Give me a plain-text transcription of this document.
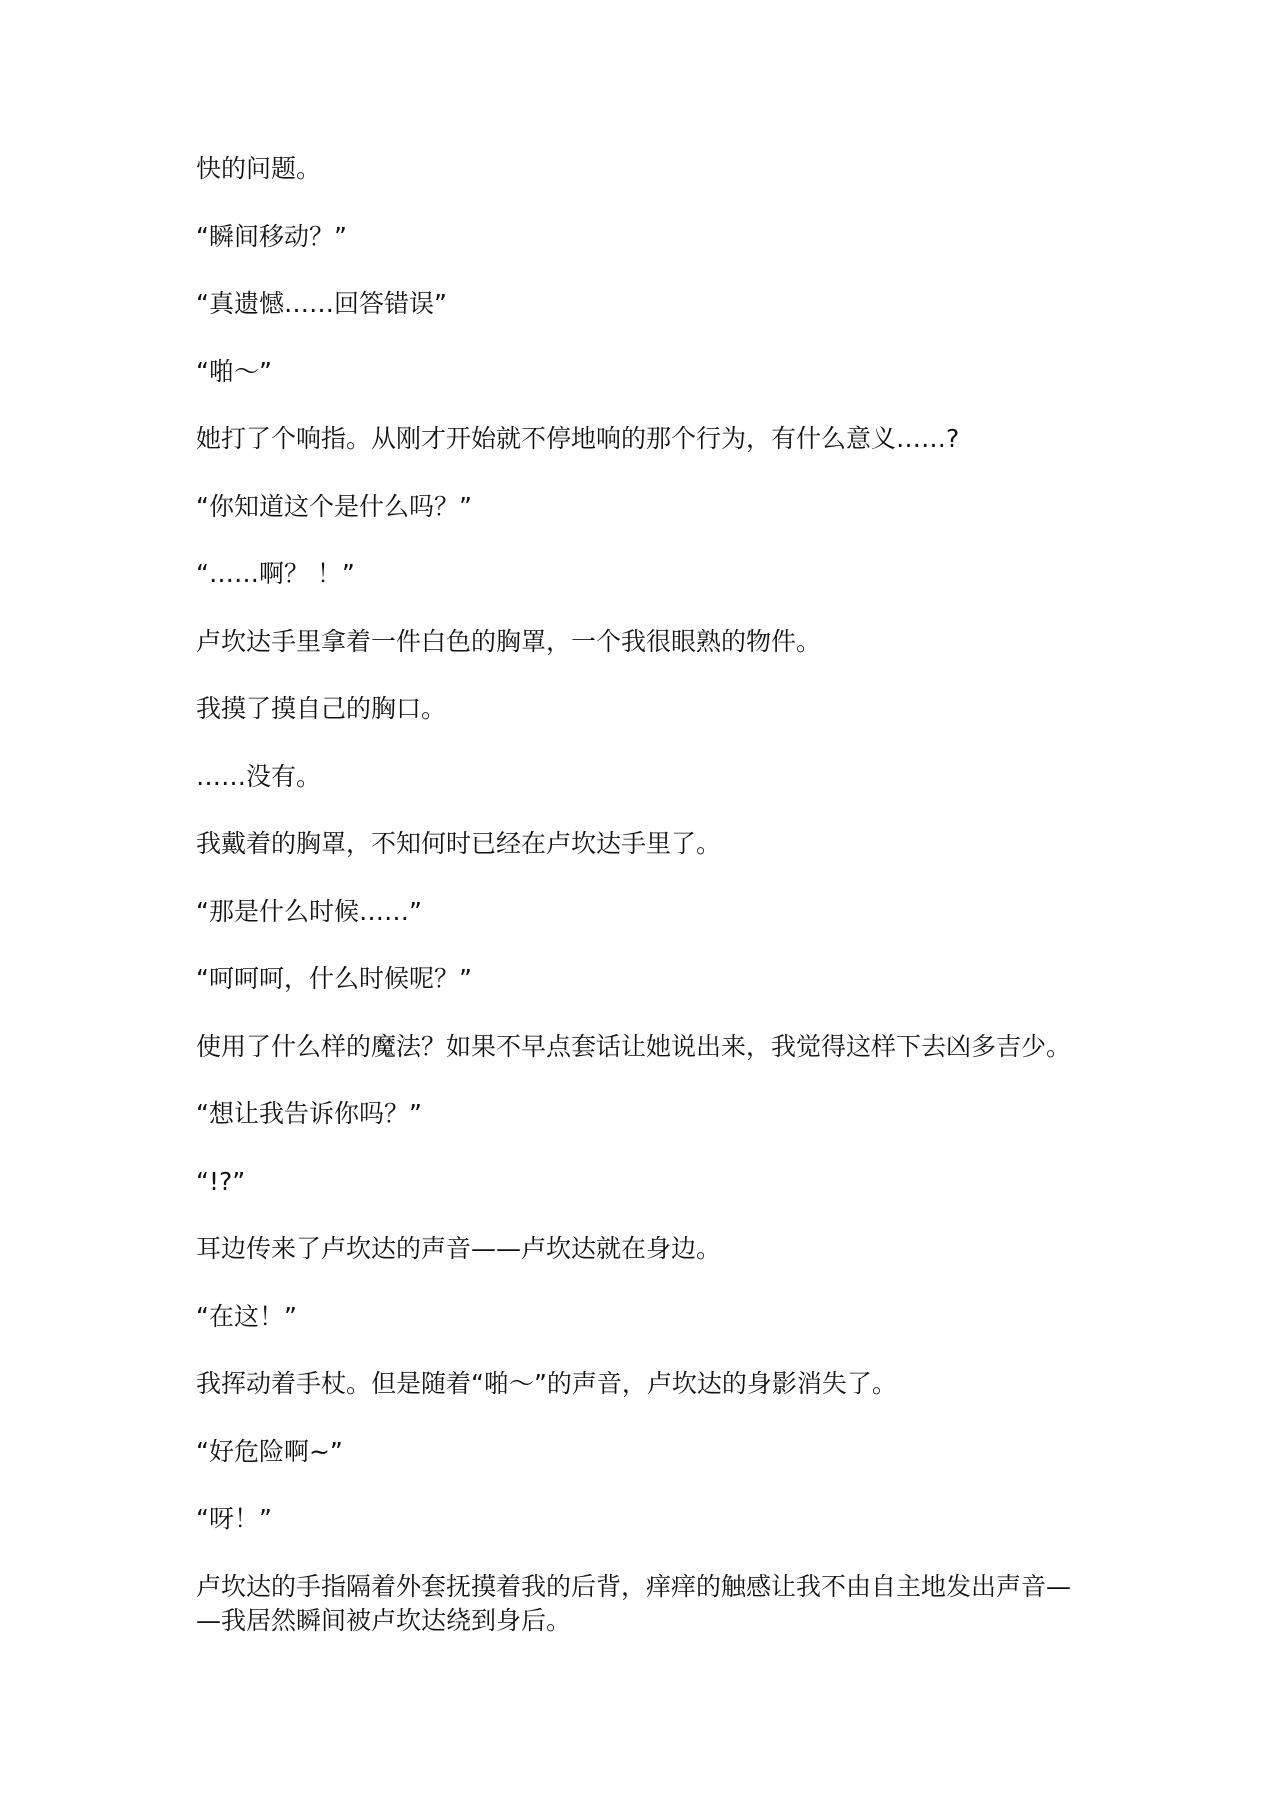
快的问题。

“瞬间移动？”

“真遗憾……回答错误”

“啪～”

她打了个响指。从刚才开始就不停地响的那个行为，有什么意义……?

“你知道这个是什么吗？”

“……啊？ ！”

卢坎达手里拿着一件白色的胸罩，一个我很眼熟的物件。

我摸了摸自己的胸口。

……没有。

我戴着的胸罩，不知何时已经在卢坎达手里了。

“那是什么时候……”

“呵呵呵，什么时候呢？”

使用了什么样的魔法？如果不早点套话让她说出来，我觉得这样下去凶多吉少。

“想让我告诉你吗？”

“!?”

耳边传来了卢坎达的声音——卢坎达就在身边。

“在这！”

我挥动着手杖。但是随着“啪～”的声音，卢坎达的身影消失了。

“好危险啊~”

“呀！”

卢坎达的手指隔着外套抚摸着我的后背，痒痒的触感让我不由自主地发出声音—
—我居然瞬间被卢坎达绕到身后。
